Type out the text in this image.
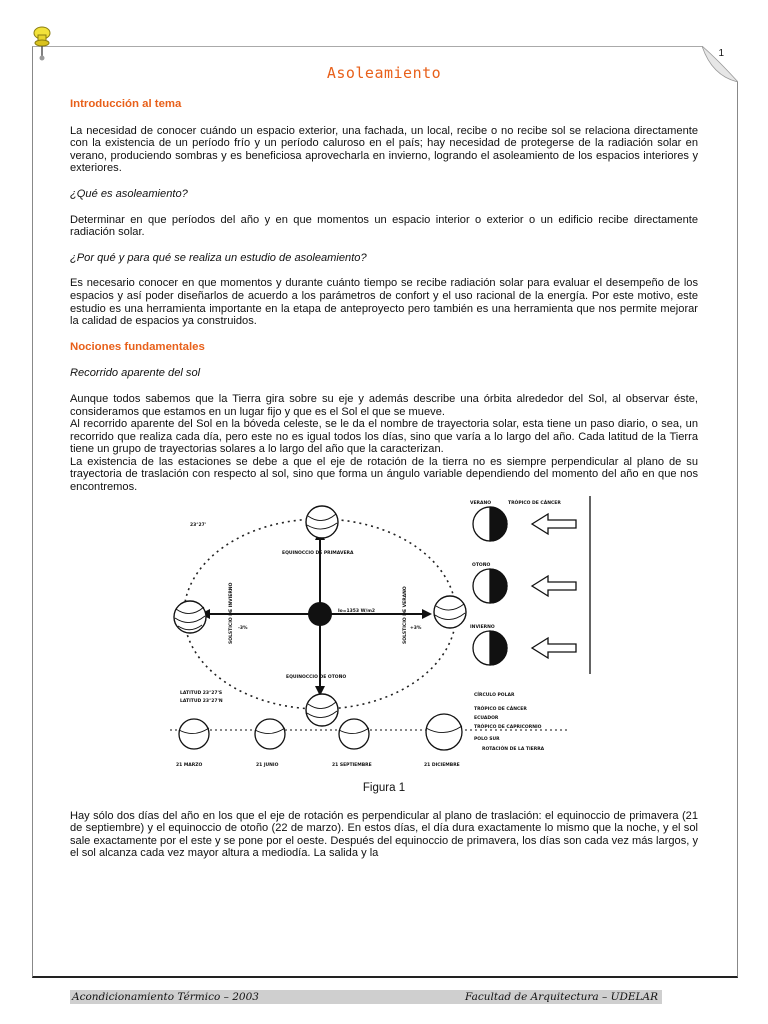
1
Asoleamiento
Introducción al tema

La necesidad de conocer cuándo un espacio exterior, una fachada, un local, recibe o no recibe sol se relaciona directamente con la existencia de un período frío y un período caluroso en el país; hay necesidad de protegerse de la radiación solar en verano, produciendo sombras y es beneficiosa aprovecharla en invierno, logrando el asoleamiento de los espacios interiores y exteriores.

¿Qué es asoleamiento?

Determinar en que períodos del año y en que momentos un espacio interior o exterior o un edificio recibe directamente radiación solar.

¿Por qué y para qué se realiza un estudio de asoleamiento?

Es necesario conocer en que momentos y durante cuánto tiempo se recibe radiación solar para evaluar el desempeño de los espacios y así poder diseñarlos de acuerdo a los parámetros de confort y el uso racional de la energía. Por este motivo, este estudio es una herramienta importante en la etapa de anteproyecto pero también es una herramienta que nos permite mejorar la calidad de espacios ya construidos.

Nociones fundamentales
Recorrido aparente del sol

Aunque todos sabemos que la Tierra gira sobre su eje y además describe una órbita alrededor del Sol, al observar éste, consideramos que estamos en un lugar fijo y que es el Sol el que se mueve.

Al recorrido aparente del Sol en la bóveda celeste, se le da el nombre de trayectoria solar, esta tiene un paso diario, o sea, un recorrido que realiza cada día, pero este no es igual todos los días, sino que varía a lo largo del año. Cada latitud de la Tierra tiene un grupo de trayectorias solares a lo largo del año que la caracterizan.

La existencia de las estaciones se debe a que el eje de rotación de la tierra no es siempre perpendicular al plano de su trayectoria de traslación con respecto al sol, sino que forma un ángulo variable dependiendo del momento del año en que nos encontremos.

23°27'
EQUINOCCIO DE PRIMAVERA
EQUINOCCIO DE OTOÑO
Io=1353 W/m2
-3%	+3%
SOLSTICIO DE INVIERNO	SOLSTICIO DE VERANO
VERANO	TRÓPICO DE CÁNCER
OTOÑO
INVIERNO
LATITUD 23°27'S
LATITUD 23°27'N
CÍRCULO POLAR
TRÓPICO DE CÁNCER
ECUADOR
TRÓPICO DE CAPRICORNIO
POLO SUR
ROTACIÓN DE LA TIERRA
21 MARZO	21 JUNIO	21 SEPTIEMBRE	21 DICIEMBRE
Figura 1

Hay sólo dos días del año en los que el eje de rotación es perpendicular al plano de traslación: el equinoccio de primavera (21 de septiembre) y el equinoccio de otoño (22 de marzo). En estos días, el día dura exactamente lo mismo que la noche, y el sol sale exactamente por el este y se pone por el oeste. Después del equinoccio de primavera, los días son cada vez más largos, y el sol alcanza cada vez mayor altura a mediodía. La salida y la

Acondicionamiento Térmico – 2003	Facultad de Arquitectura – UDELAR
